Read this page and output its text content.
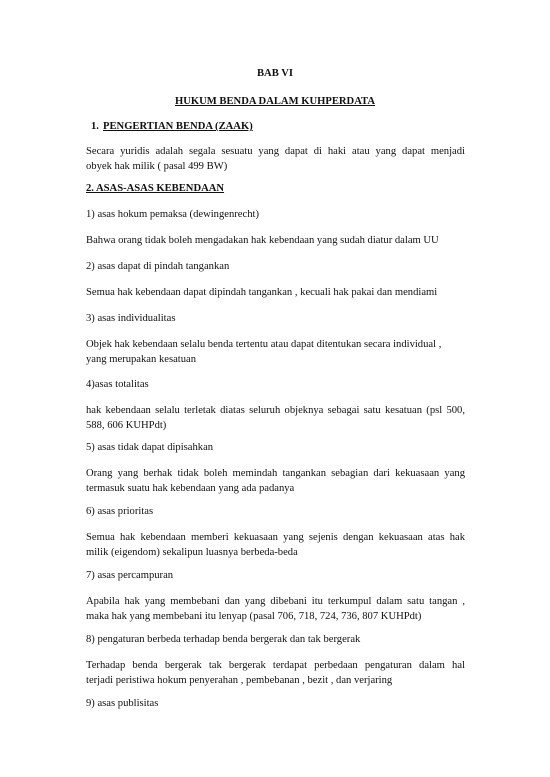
BAB VI
HUKUM BENDA DALAM KUHPERDATA
1. PENGERTIAN BENDA (ZAAK)
Secara yuridis adalah segala sesuatu yang dapat di haki atau yang dapat menjadi
obyek hak milik ( pasal 499 BW)
2. ASAS-ASAS KEBENDAAN
1) asas hokum pemaksa (dewingenrecht)
Bahwa orang tidak boleh mengadakan hak kebendaan yang sudah diatur dalam UU
2) asas dapat di pindah tangankan
Semua hak kebendaan dapat dipindah tangankan , kecuali hak pakai dan mendiami
3) asas individualitas
Objek hak kebendaan selalu benda tertentu atau dapat ditentukan secara individual ,
yang merupakan kesatuan
4)asas totalitas
hak kebendaan selalu terletak diatas seluruh objeknya sebagai satu kesatuan (psl 500,
588, 606 KUHPdt)
5) asas tidak dapat dipisahkan
Orang yang berhak tidak boleh memindah tangankan sebagian dari kekuasaan yang
termasuk suatu hak kebendaan yang ada padanya
6) asas prioritas
Semua hak kebendaan memberi kekuasaan yang sejenis dengan kekuasaan atas hak
milik (eigendom) sekalipun luasnya berbeda-beda
7) asas percampuran
Apabila hak yang membebani dan yang dibebani itu terkumpul dalam satu tangan ,
maka hak yang membebani itu lenyap (pasal 706, 718, 724, 736, 807 KUHPdt)
8) pengaturan berbeda terhadap benda bergerak dan tak bergerak
Terhadap benda bergerak tak bergerak terdapat perbedaan pengaturan dalam hal
terjadi peristiwa hokum penyerahan , pembebanan , bezit , dan verjaring
9) asas publisitas
